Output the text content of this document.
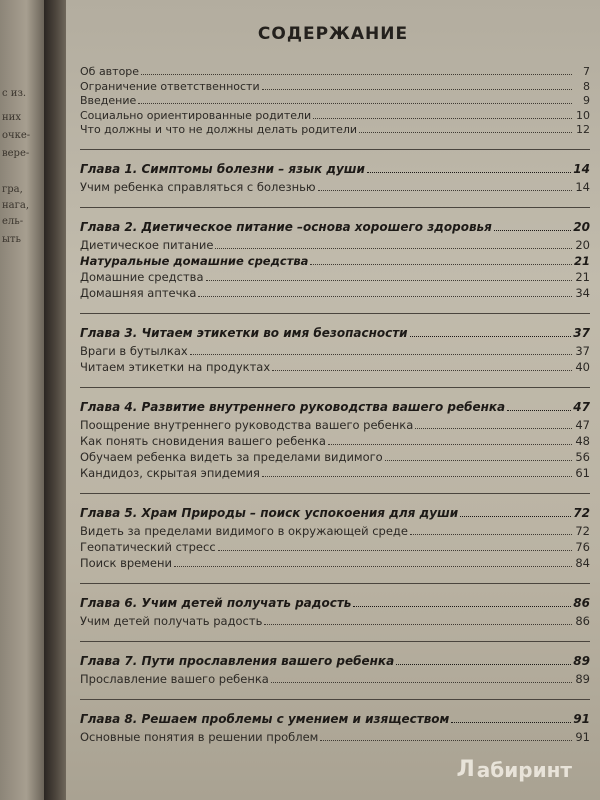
с из.
них
очке-
вере-
гра,
нага,
ель-
ыть
СОДЕРЖАНИЕ
Об авторе	7
Ограничение ответственности	8
Введение	9
Социально ориентированные родители	10
Что должны и что не должны делать родители	12
Глава 1. Симптомы болезни – язык души	14
Учим ребенка справляться с болезнью	14
Глава 2. Диетическое питание –основа хорошего здоровья	20
Диетическое питание	20
Натуральные домашние средства	21
Домашние средства	21
Домашняя аптечка	34
Глава 3. Читаем этикетки во имя безопасности	37
Враги в бутылках	37
Читаем этикетки на продуктах	40
Глава 4. Развитие внутреннего руководства вашего ребенка	47
Поощрение внутреннего руководства вашего ребенка	47
Как понять сновидения вашего ребенка	48
Обучаем ребенка видеть за пределами видимого	56
Кандидоз, скрытая эпидемия	61
Глава 5. Храм Природы – поиск успокоения для души	72
Видеть за пределами видимого в окружающей среде	72
Геопатический стресс	76
Поиск времени	84
Глава 6. Учим детей получать радость	86
Учим детей получать радость	86
Глава 7. Пути прославления вашего ребенка	89
Прославление вашего ребенка	89
Глава 8. Решаем проблемы с умением и изяществом	91
Основные понятия в решении проблем	91
Л абиринт
